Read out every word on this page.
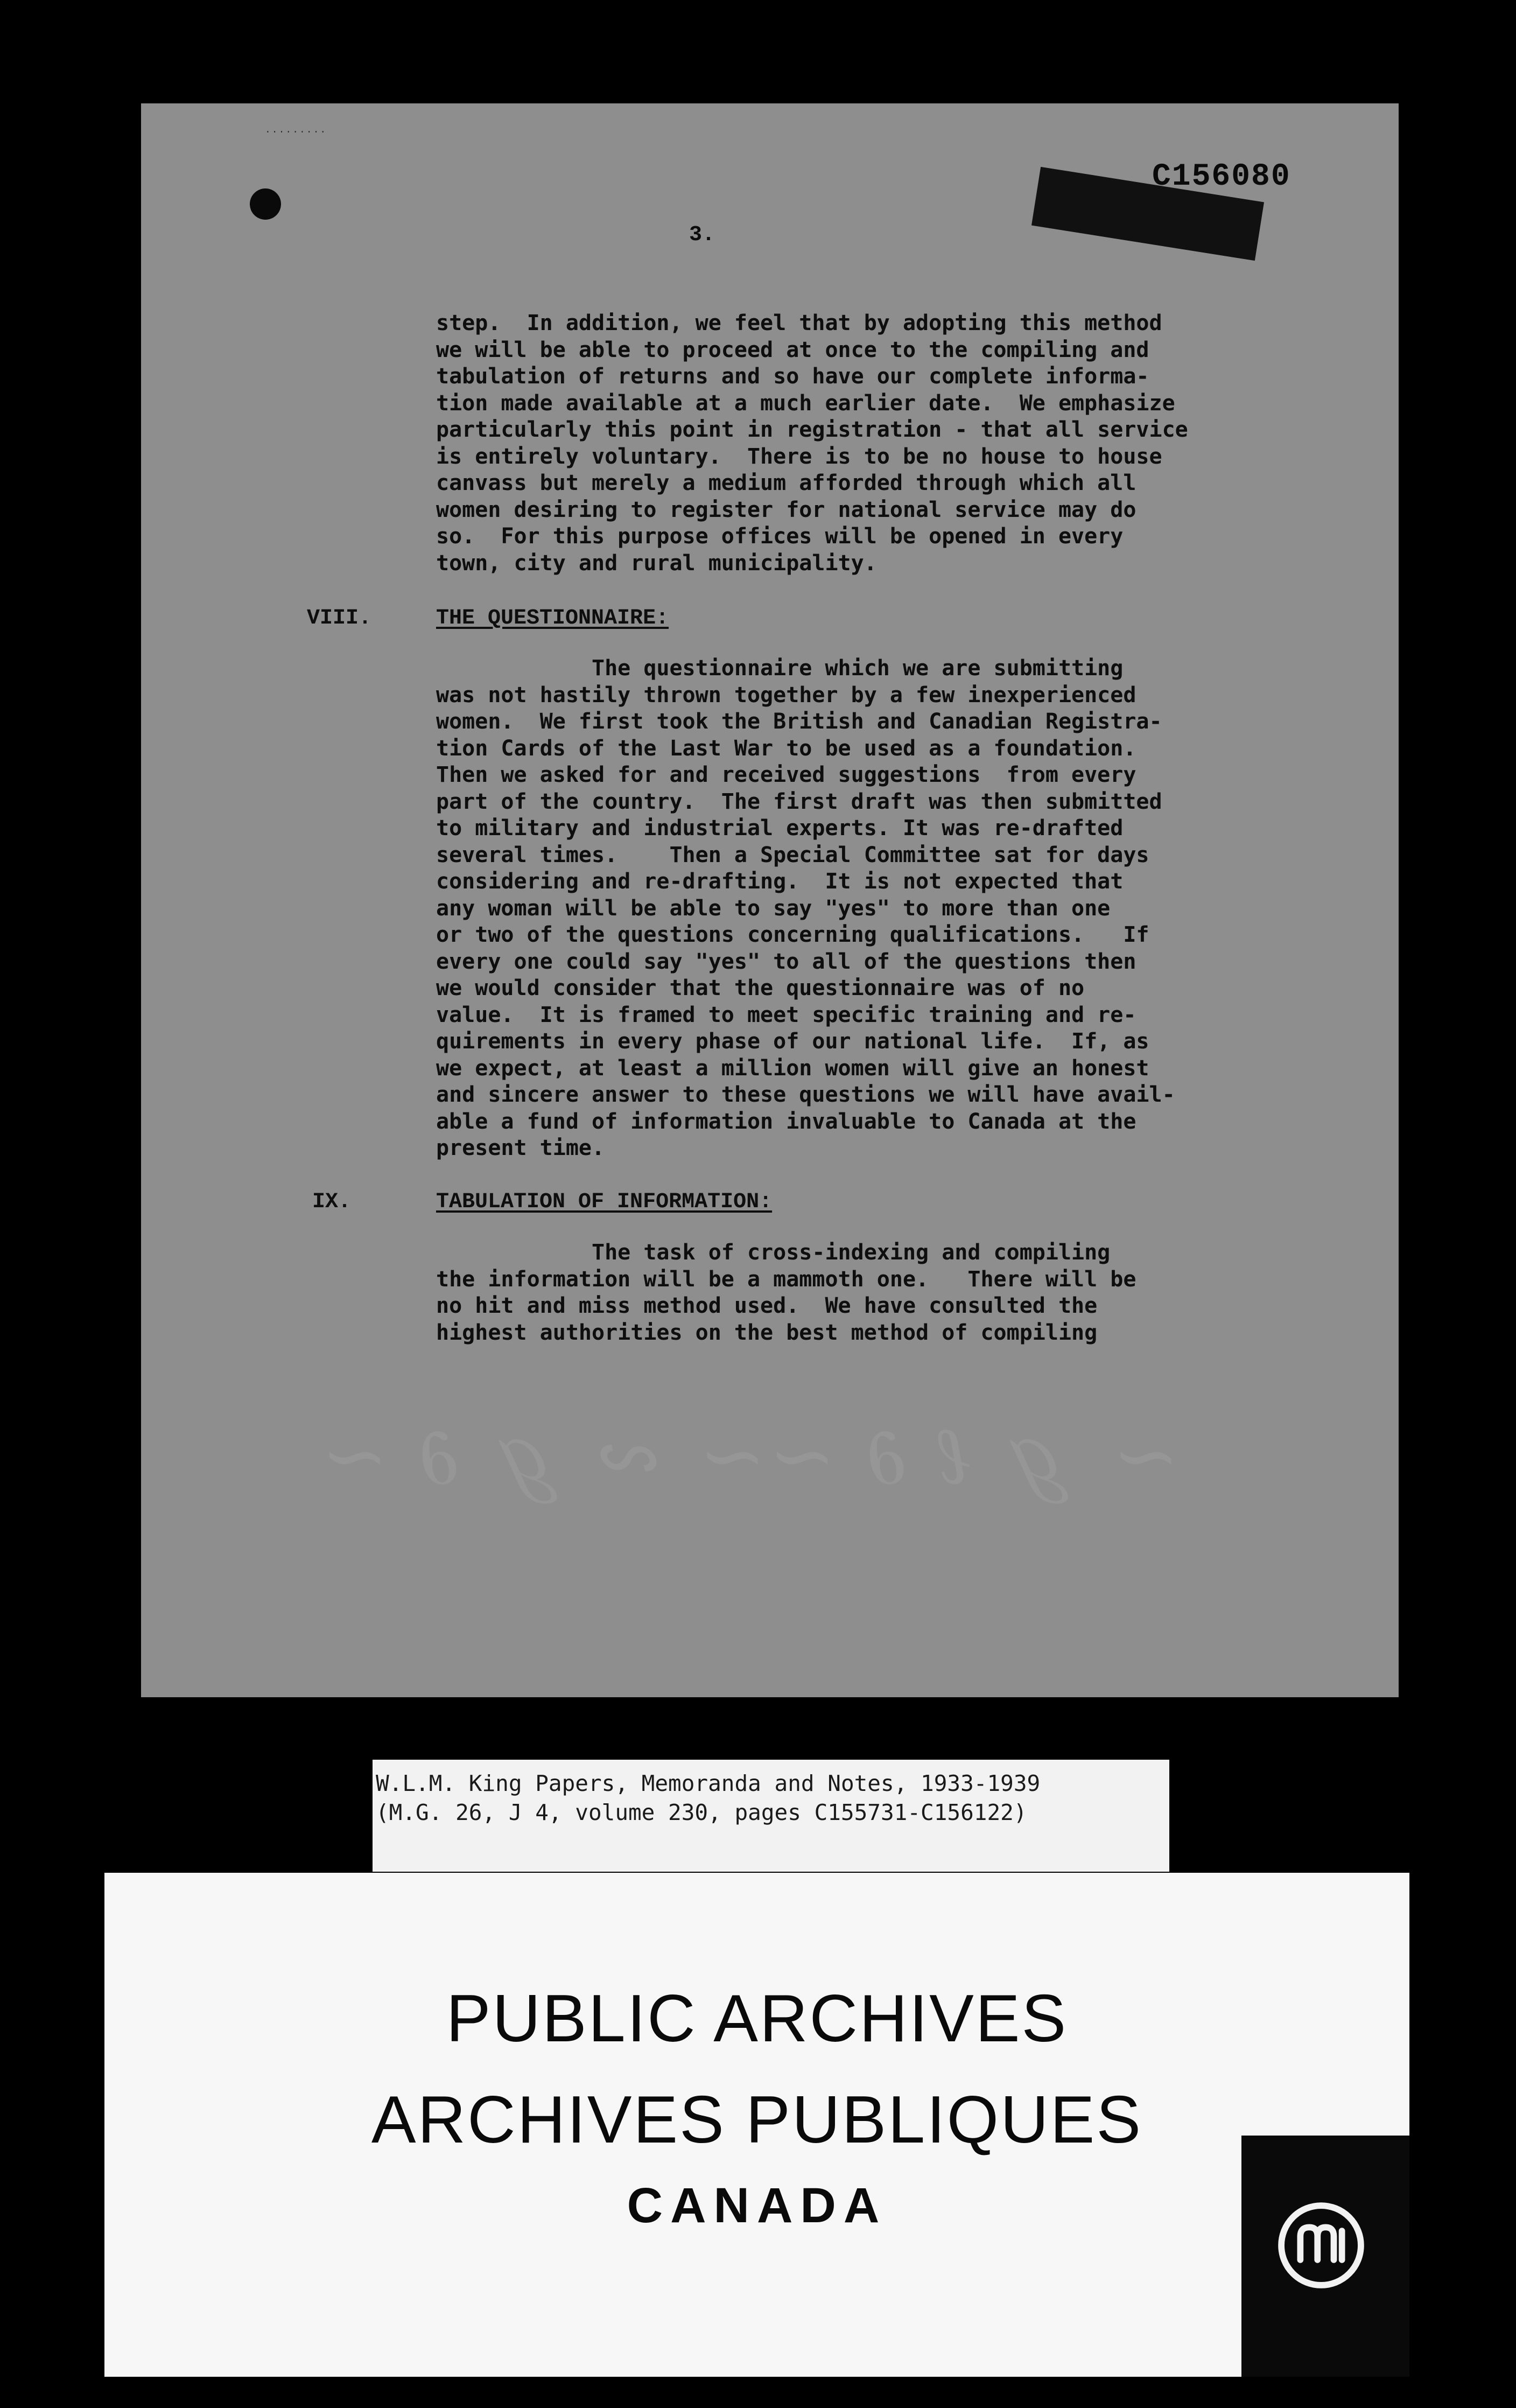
·········
C156080
3.
step.  In addition, we feel that by adopting this method
we will be able to proceed at once to the compiling and
tabulation of returns and so have our complete informa-
tion made available at a much earlier date.  We emphasize
particularly this point in registration - that all service
is entirely voluntary.  There is to be no house to house
canvass but merely a medium afforded through which all
women desiring to register for national service may do
so.  For this purpose offices will be opened in every
town, city and rural municipality.
VIII.	THE QUESTIONNAIRE:
The questionnaire which we are submitting
was not hastily thrown together by a few inexperienced
women.  We first took the British and Canadian Registra-
tion Cards of the Last War to be used as a foundation.
Then we asked for and received suggestions  from every
part of the country.  The first draft was then submitted
to military and industrial experts. It was re-drafted
several times.    Then a Special Committee sat for days
considering and re-drafting.  It is not expected that
any woman will be able to say "yes" to more than one
or two of the questions concerning qualifications.   If
every one could say "yes" to all of the questions then
we would consider that the questionnaire was of no
value.  It is framed to meet specific training and re-
quirements in every phase of our national life.  If, as
we expect, at least a million women will give an honest
and sincere answer to these questions we will have avail-
able a fund of information invaluable to Canada at the
present time.
IX.	TABULATION OF INFORMATION:
The task of cross-indexing and compiling
the information will be a mammoth one.   There will be
no hit and miss method used.  We have consulted the
highest authorities on the best method of compiling
~ ℊ ℓ ∂ ~~ ∾ ℊ ∂ ~
W.L.M. King Papers, Memoranda and Notes, 1933-1939
(M.G. 26, J 4, volume 230, pages C155731-C156122)
PUBLIC ARCHIVES
ARCHIVES PUBLIQUES
CANADA
